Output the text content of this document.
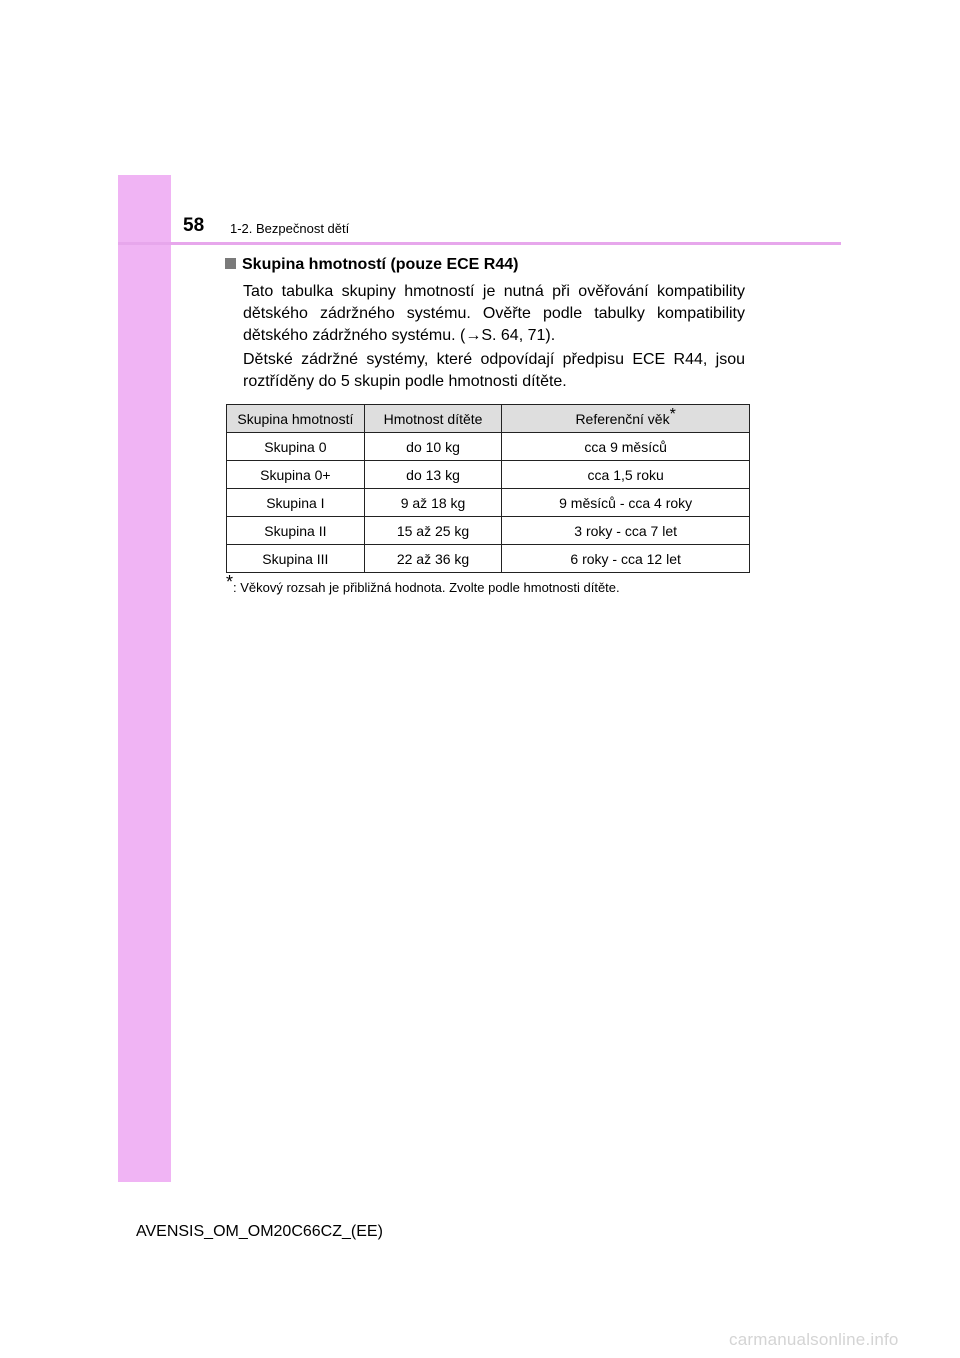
58 1-2. Bezpečnost dětí
Skupina hmotností (pouze ECE R44)

Tato tabulka skupiny hmotností je nutná při ověřování kompatibility dětského zádržného systému. Ověřte podle tabulky kompatibility dětského zádržného systému. (→S. 64, 71).

Dětské zádržné systémy, které odpovídají předpisu ECE R44, jsou roztříděny do 5 skupin podle hmotnosti dítěte.

Skupina hmotností	Hmotnost dítěte	Referenční věk*
Skupina 0	do 10 kg	cca 9 měsíců
Skupina 0+	do 13 kg	cca 1,5 roku
Skupina I	9 až 18 kg	9 měsíců - cca 4 roky
Skupina II	15 až 25 kg	3 roky - cca 7 let
Skupina III	22 až 36 kg	6 roky - cca 12 let
*: Věkový rozsah je přibližná hodnota. Zvolte podle hmotnosti dítěte.
AVENSIS_OM_OM20C66CZ_(EE)
carmanualsonline.info
